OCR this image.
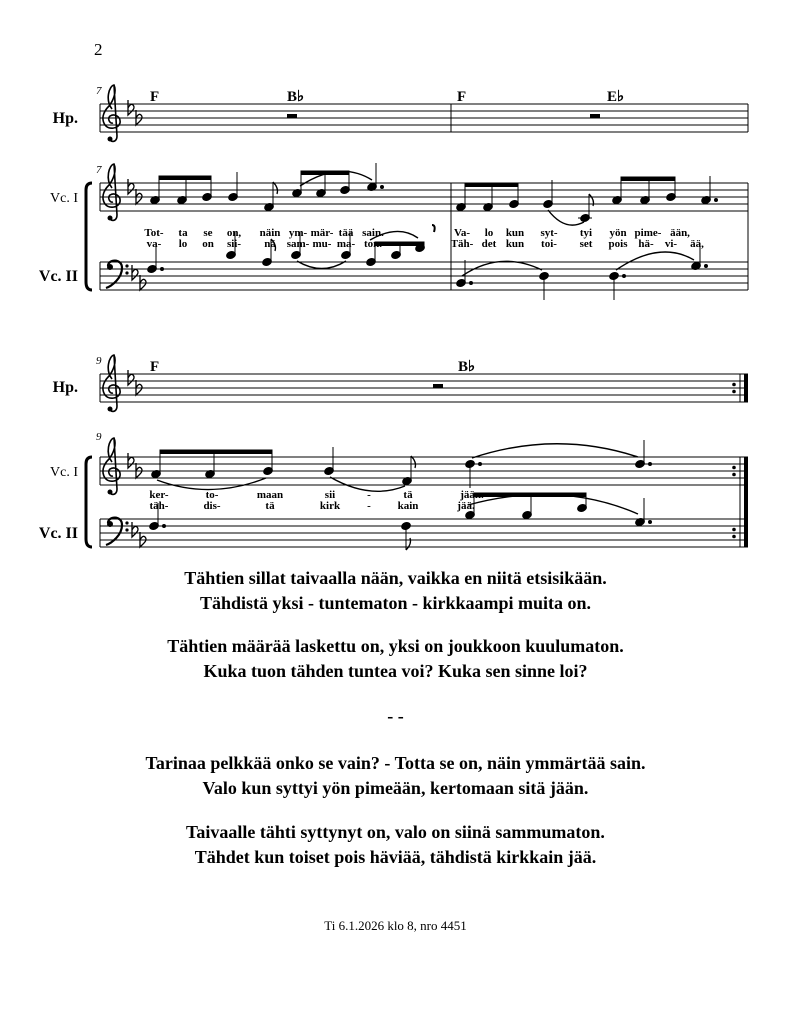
2
7
7
9
9
Hp.
Vc. I
Vc. II
Hp.
Vc. I
Vc. II
F	B♭	F	E♭
F	B♭
Tot- ta se on, näin ym- mär- tää sain.	Va- lo kun syt- tyi yön pime- ään,
va- lo on sii- nä sam- mu- ma- ton.	Täh- det kun toi- set pois hä- vi- ää,
ker-	to-	maan	sii	-	tä	jään.
täh-	dis-	tä	kirk - kain	jää.

Tähtien sillat taivaalla nään, vaikka en niitä etsisikään.

Tähdistä yksi - tuntematon - kirkkaampi muita on.

Tähtien määrää laskettu on, yksi on joukkoon kuulumaton.

Kuka tuon tähden tuntea voi? Kuka sen sinne loi?

- -

Tarinaa pelkkää onko se vain? - Totta se on, näin ymmärtää sain.

Valo kun syttyi yön pimeään, kertomaan sitä jään.

Taivaalle tähti syttynyt on, valo on siinä sammumaton.

Tähdet kun toiset pois häviää, tähdistä kirkkain jää.

Ti 6.1.2026 klo 8, nro 4451
